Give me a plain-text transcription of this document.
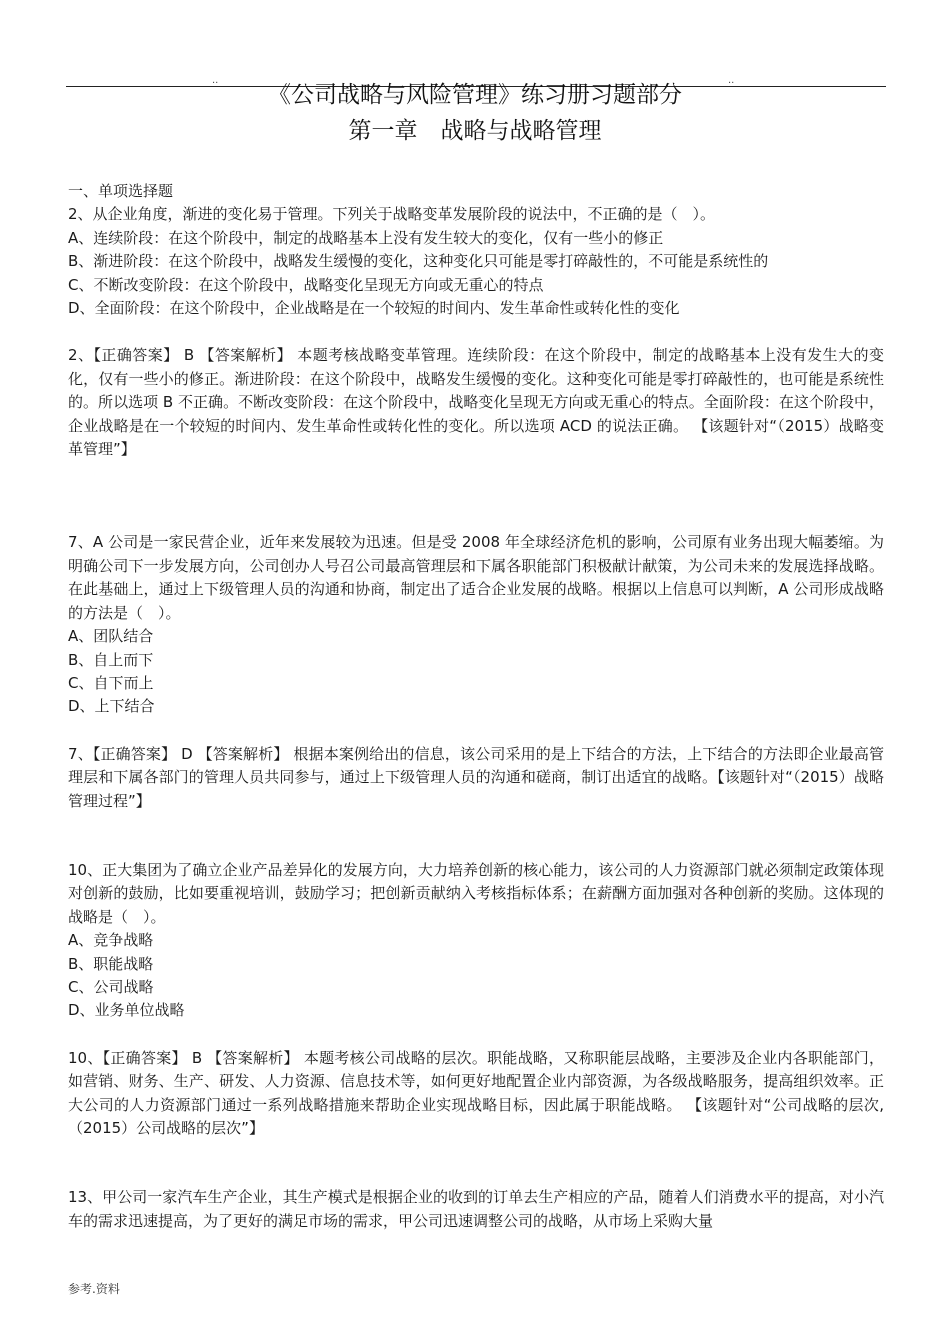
..	..
《公司战略与风险管理》练习册习题部分
第一章　战略与战略管理

一、单项选择题

2、从企业角度，渐进的变化易于管理。下列关于战略变革发展阶段的说法中，不正确的是（　）。

A、连续阶段：在这个阶段中，制定的战略基本上没有发生较大的变化，仅有一些小的修正

B、渐进阶段：在这个阶段中，战略发生缓慢的变化，这种变化只可能是零打碎敲性的，不可能是系统性的

C、不断改变阶段：在这个阶段中，战略变化呈现无方向或无重心的特点

D、全面阶段：在这个阶段中，企业战略是在一个较短的时间内、发生革命性或转化性的变化

2、【正确答案】 B 【答案解析】 本题考核战略变革管理。连续阶段：在这个阶段中，制定的战略基本上没有发生大的变化，仅有一些小的修正。渐进阶段：在这个阶段中，战略发生缓慢的变化。这种变化可能是零打碎敲性的，也可能是系统性的。所以选项 B 不正确。不断改变阶段：在这个阶段中，战略变化呈现无方向或无重心的特点。全面阶段：在这个阶段中，企业战略是在一个较短的时间内、发生革命性或转化性的变化。所以选项 ACD 的说法正确。 【该题针对“（2015）战略变革管理”】

7、A 公司是一家民营企业，近年来发展较为迅速。但是受 2008 年全球经济危机的影响，公司原有业务出现大幅萎缩。为明确公司下一步发展方向，公司创办人号召公司最高管理层和下属各职能部门积极献计献策，为公司未来的发展选择战略。在此基础上，通过上下级管理人员的沟通和协商，制定出了适合企业发展的战略。根据以上信息可以判断，A 公司形成战略的方法是（　）。

A、团队结合

B、自上而下

C、自下而上

D、上下结合

7、【正确答案】 D 【答案解析】 根据本案例给出的信息，该公司采用的是上下结合的方法，上下结合的方法即企业最高管理层和下属各部门的管理人员共同参与，通过上下级管理人员的沟通和磋商，制订出适宜的战略。【该题针对“（2015）战略管理过程”】

10、正大集团为了确立企业产品差异化的发展方向，大力培养创新的核心能力，该公司的人力资源部门就必须制定政策体现对创新的鼓励，比如要重视培训，鼓励学习；把创新贡献纳入考核指标体系；在薪酬方面加强对各种创新的奖励。这体现的战略是（　）。

A、竞争战略

B、职能战略

C、公司战略

D、业务单位战略

10、【正确答案】 B 【答案解析】 本题考核公司战略的层次。职能战略，又称职能层战略，主要涉及企业内各职能部门，如营销、财务、生产、研发、人力资源、信息技术等，如何更好地配置企业内部资源，为各级战略服务，提高组织效率。正大公司的人力资源部门通过一系列战略措施来帮助企业实现战略目标，因此属于职能战略。 【该题针对“公司战略的层次,（2015）公司战略的层次”】

13、甲公司一家汽车生产企业，其生产模式是根据企业的收到的订单去生产相应的产品，随着人们消费水平的提高，对小汽车的需求迅速提高，为了更好的满足市场的需求，甲公司迅速调整公司的战略，从市场上采购大量

参考.资料
